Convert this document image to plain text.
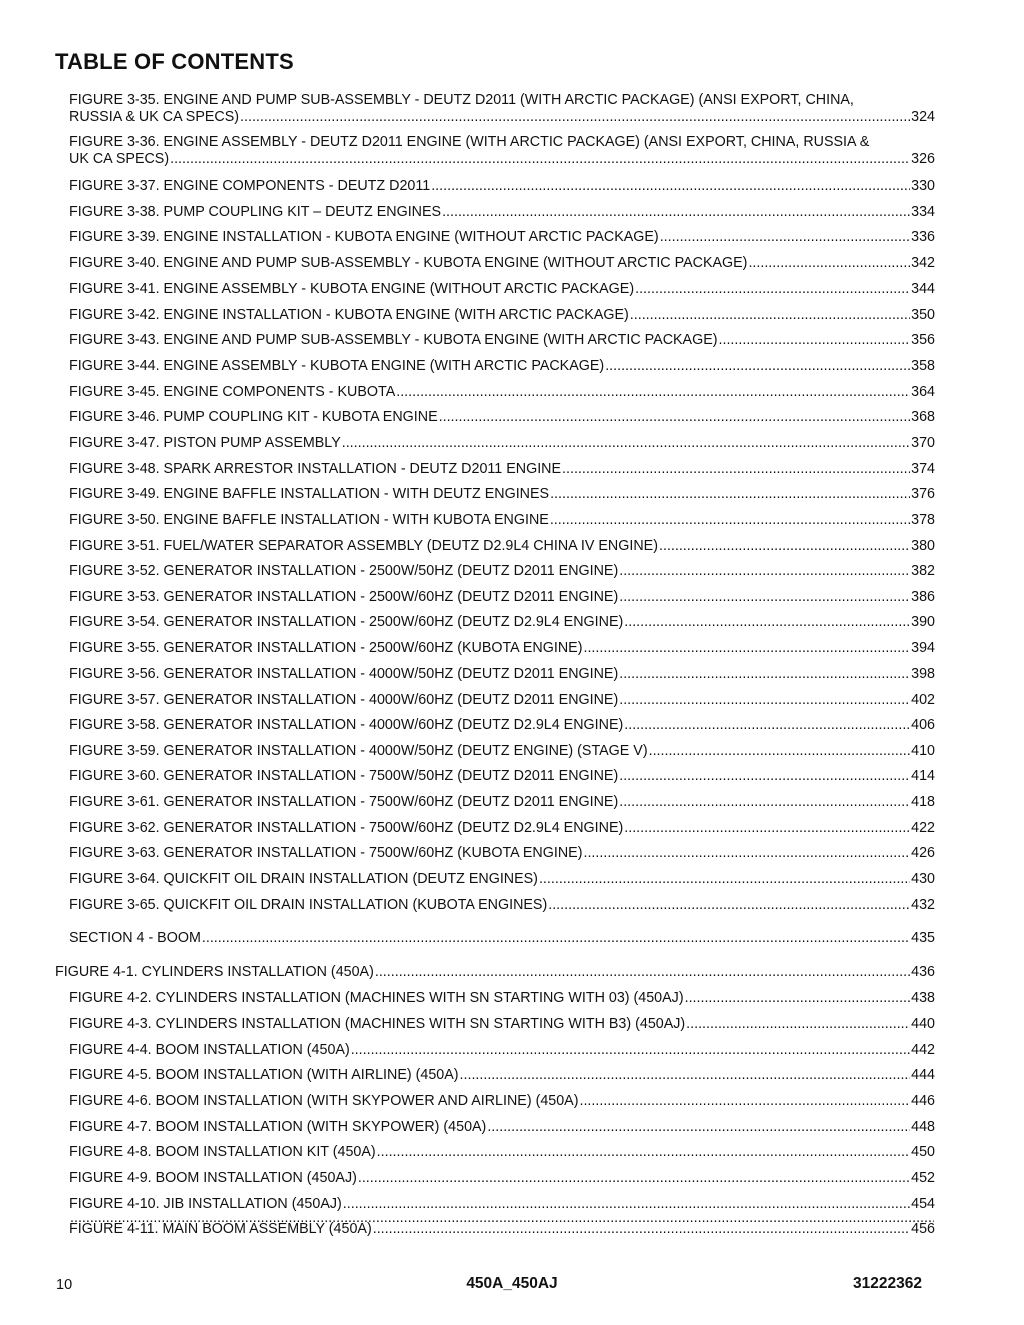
TABLE OF CONTENTS
FIGURE 3-35. ENGINE AND PUMP SUB-ASSEMBLY - DEUTZ D2011 (WITH ARCTIC PACKAGE) (ANSI EXPORT, CHINA,
RUSSIA & UK CA SPECS) .....	324
FIGURE 3-36. ENGINE ASSEMBLY - DEUTZ D2011 ENGINE (WITH ARCTIC PACKAGE) (ANSI EXPORT, CHINA, RUSSIA &
UK CA SPECS) .....	326
FIGURE 3-37. ENGINE COMPONENTS - DEUTZ D2011 .....	330
FIGURE 3-38. PUMP COUPLING KIT – DEUTZ ENGINES .....	334
FIGURE 3-39. ENGINE INSTALLATION - KUBOTA ENGINE (WITHOUT ARCTIC PACKAGE) .....	336
FIGURE 3-40. ENGINE AND PUMP SUB-ASSEMBLY - KUBOTA ENGINE (WITHOUT ARCTIC PACKAGE) .....	342
FIGURE 3-41. ENGINE ASSEMBLY - KUBOTA ENGINE (WITHOUT ARCTIC PACKAGE) .....	344
FIGURE 3-42. ENGINE INSTALLATION - KUBOTA ENGINE (WITH ARCTIC PACKAGE) .....	350
FIGURE 3-43. ENGINE AND PUMP SUB-ASSEMBLY - KUBOTA ENGINE (WITH ARCTIC PACKAGE) .....	356
FIGURE 3-44. ENGINE ASSEMBLY - KUBOTA ENGINE (WITH ARCTIC PACKAGE) .....	358
FIGURE 3-45. ENGINE COMPONENTS - KUBOTA .....	364
FIGURE 3-46. PUMP COUPLING KIT - KUBOTA ENGINE .....	368
FIGURE 3-47. PISTON PUMP ASSEMBLY .....	370
FIGURE 3-48. SPARK ARRESTOR INSTALLATION - DEUTZ D2011 ENGINE .....	374
FIGURE 3-49. ENGINE BAFFLE INSTALLATION - WITH DEUTZ ENGINES .....	376
FIGURE 3-50. ENGINE BAFFLE INSTALLATION - WITH KUBOTA ENGINE .....	378
FIGURE 3-51. FUEL/WATER SEPARATOR ASSEMBLY (DEUTZ D2.9L4 CHINA IV ENGINE) .....	380
FIGURE 3-52. GENERATOR INSTALLATION - 2500W/50HZ (DEUTZ D2011 ENGINE) .....	382
FIGURE 3-53. GENERATOR INSTALLATION - 2500W/60HZ (DEUTZ D2011 ENGINE) .....	386
FIGURE 3-54. GENERATOR INSTALLATION - 2500W/60HZ (DEUTZ D2.9L4 ENGINE) .....	390
FIGURE 3-55. GENERATOR INSTALLATION - 2500W/60HZ (KUBOTA ENGINE) .....	394
FIGURE 3-56. GENERATOR INSTALLATION - 4000W/50HZ (DEUTZ D2011 ENGINE) .....	398
FIGURE 3-57. GENERATOR INSTALLATION - 4000W/60HZ (DEUTZ D2011 ENGINE) .....	402
FIGURE 3-58. GENERATOR INSTALLATION - 4000W/60HZ (DEUTZ D2.9L4 ENGINE) .....	406
FIGURE 3-59. GENERATOR INSTALLATION - 4000W/50HZ (DEUTZ ENGINE) (STAGE V) .....	410
FIGURE 3-60. GENERATOR INSTALLATION - 7500W/50HZ (DEUTZ D2011 ENGINE) .....	414
FIGURE 3-61. GENERATOR INSTALLATION - 7500W/60HZ (DEUTZ D2011 ENGINE) .....	418
FIGURE 3-62. GENERATOR INSTALLATION - 7500W/60HZ (DEUTZ D2.9L4 ENGINE) .....	422
FIGURE 3-63. GENERATOR INSTALLATION - 7500W/60HZ (KUBOTA ENGINE) .....	426
FIGURE 3-64. QUICKFIT OIL DRAIN INSTALLATION (DEUTZ ENGINES) .....	430
FIGURE 3-65. QUICKFIT OIL DRAIN INSTALLATION (KUBOTA ENGINES) .....	432
SECTION 4 - BOOM .....	435
FIGURE 4-1. CYLINDERS INSTALLATION (450A) .....	436
FIGURE 4-2. CYLINDERS INSTALLATION (MACHINES WITH SN STARTING WITH 03) (450AJ) .....	438
FIGURE 4-3. CYLINDERS INSTALLATION (MACHINES WITH SN STARTING WITH B3) (450AJ) .....	440
FIGURE 4-4. BOOM INSTALLATION (450A) .....	442
FIGURE 4-5. BOOM INSTALLATION (WITH AIRLINE) (450A) .....	444
FIGURE 4-6. BOOM INSTALLATION (WITH SKYPOWER AND AIRLINE) (450A) .....	446
FIGURE 4-7. BOOM INSTALLATION (WITH SKYPOWER) (450A) .....	448
FIGURE 4-8. BOOM INSTALLATION KIT (450A) .....	450
FIGURE 4-9. BOOM INSTALLATION (450AJ) .....	452
FIGURE 4-10. JIB INSTALLATION (450AJ) .....	454
FIGURE 4-11. MAIN BOOM ASSEMBLY (450A) .....	456
.....
10	450A_450AJ	31222362
